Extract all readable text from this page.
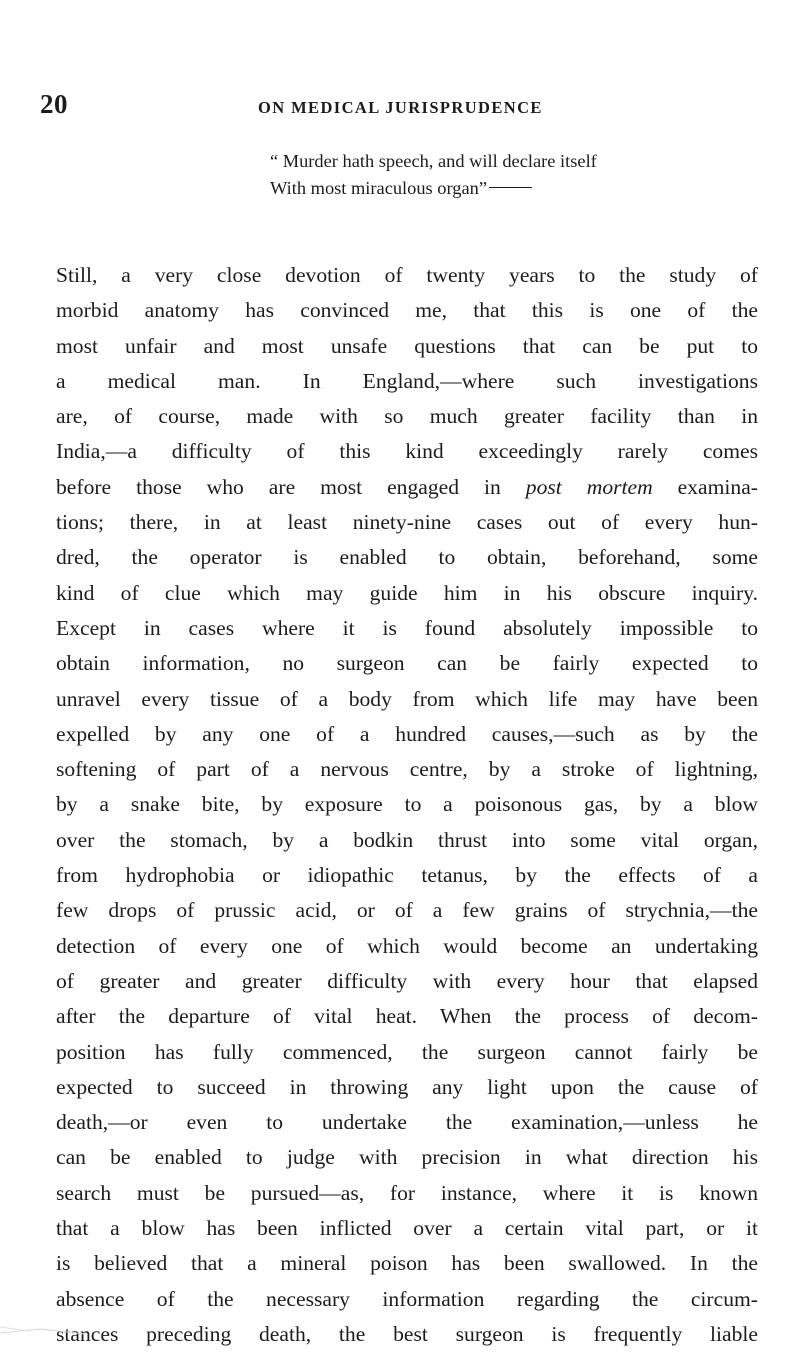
20	ON MEDICAL JURISPRUDENCE
“ Murder hath speech, and will declare itself
With most miraculous organ”
Still, a very close devotion of twenty years to the study of
morbid anatomy has convinced me, that this is one of the
most unfair and most unsafe questions that can be put to
a medical man. In England,—where such investigations
are, of course, made with so much greater facility than in
India,—a difficulty of this kind exceedingly rarely comes
before those who are most engaged in post mortem examina-
tions; there, in at least ninety-nine cases out of every hun-
dred, the operator is enabled to obtain, beforehand, some
kind of clue which may guide him in his obscure inquiry.
Except in cases where it is found absolutely impossible to
obtain information, no surgeon can be fairly expected to
unravel every tissue of a body from which life may have been
expelled by any one of a hundred causes,—such as by the
softening of part of a nervous centre, by a stroke of lightning,
by a snake bite, by exposure to a poisonous gas, by a blow
over the stomach, by a bodkin thrust into some vital organ,
from hydrophobia or idiopathic tetanus, by the effects of a
few drops of prussic acid, or of a few grains of strychnia,—the
detection of every one of which would become an undertaking
of greater and greater difficulty with every hour that elapsed
after the departure of vital heat. When the process of decom-
position has fully commenced, the surgeon cannot fairly be
expected to succeed in throwing any light upon the cause of
death,—or even to undertake the examination,—unless he
can be enabled to judge with precision in what direction his
search must be pursued—as, for instance, where it is known
that a blow has been inflicted over a certain vital part, or it
is believed that a mineral poison has been swallowed. In the
absence of the necessary information regarding the circum-
stances preceding death, the best surgeon is frequently liable
